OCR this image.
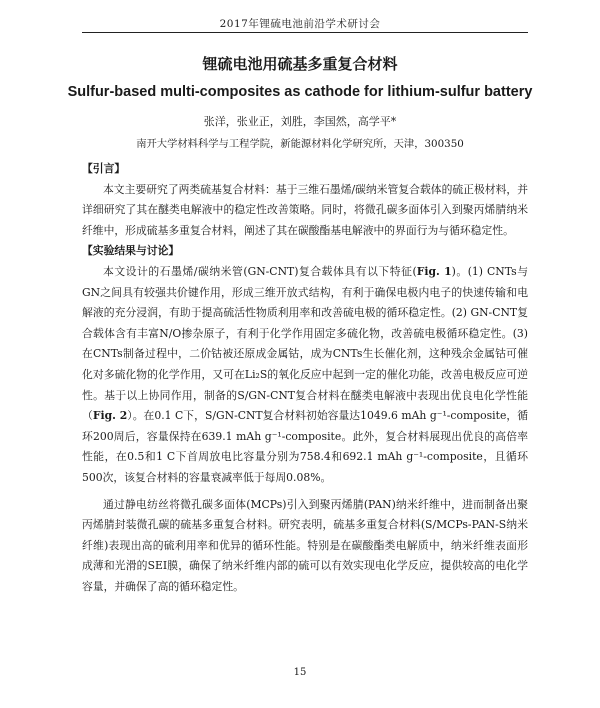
2017年锂硫电池前沿学术研讨会
锂硫电池用硫基多重复合材料
Sulfur-based multi-composites as cathode for lithium-sulfur battery
张洋，张业正，刘胜，李国然，高学平*
南开大学材料科学与工程学院，新能源材料化学研究所，天津，300350
【引言】

本文主要研究了两类硫基复合材料：基于三维石墨烯/碳纳米管复合载体的硫正极材料，并详细研究了其在醚类电解液中的稳定性改善策略。同时，将微孔碳多面体引入到聚丙烯腈纳米纤维中，形成硫基多重复合材料，阐述了其在碳酸酯基电解液中的界面行为与循环稳定性。

【实验结果与讨论】

本文设计的石墨烯/碳纳米管(GN-CNT)复合载体具有以下特征(Fig. 1)。(1) CNTs与GN之间具有较强共价键作用，形成三维开放式结构，有利于确保电极内电子的快速传输和电解液的充分浸润，有助于提高硫活性物质利用率和改善硫电极的循环稳定性。(2) GN-CNT复合载体含有丰富N/O掺杂原子，有利于化学作用固定多硫化物，改善硫电极循环稳定性。(3) 在CNTs制备过程中，二价钴被还原成金属钴，成为CNTs生长催化剂，这种残余金属钴可催化对多硫化物的化学作用，又可在Li₂S的氧化反应中起到一定的催化功能，改善电极反应可逆性。基于以上协同作用，制备的S/GN-CNT复合材料在醚类电解液中表现出优良电化学性能（Fig. 2）。在0.1 C下，S/GN-CNT复合材料初始容量达1049.6 mAh g⁻¹-composite，循环200周后，容量保持在639.1 mAh g⁻¹-composite。此外，复合材料展现出优良的高倍率性能，在0.5和1 C下首周放电比容量分别为758.4和692.1 mAh g⁻¹-composite，且循环500次，该复合材料的容量衰减率低于每周0.08%。

通过静电纺丝将微孔碳多面体(MCPs)引入到聚丙烯腈(PAN)纳米纤维中，进而制备出聚丙烯腈封装微孔碳的硫基多重复合材料。研究表明，硫基多重复合材料(S/MCPs-PAN-S纳米纤维)表现出高的硫利用率和优异的循环性能。特别是在碳酸酯类电解质中，纳米纤维表面形成薄和光滑的SEI膜，确保了纳米纤维内部的硫可以有效实现电化学反应，提供较高的电化学容量，并确保了高的循环稳定性。

15
